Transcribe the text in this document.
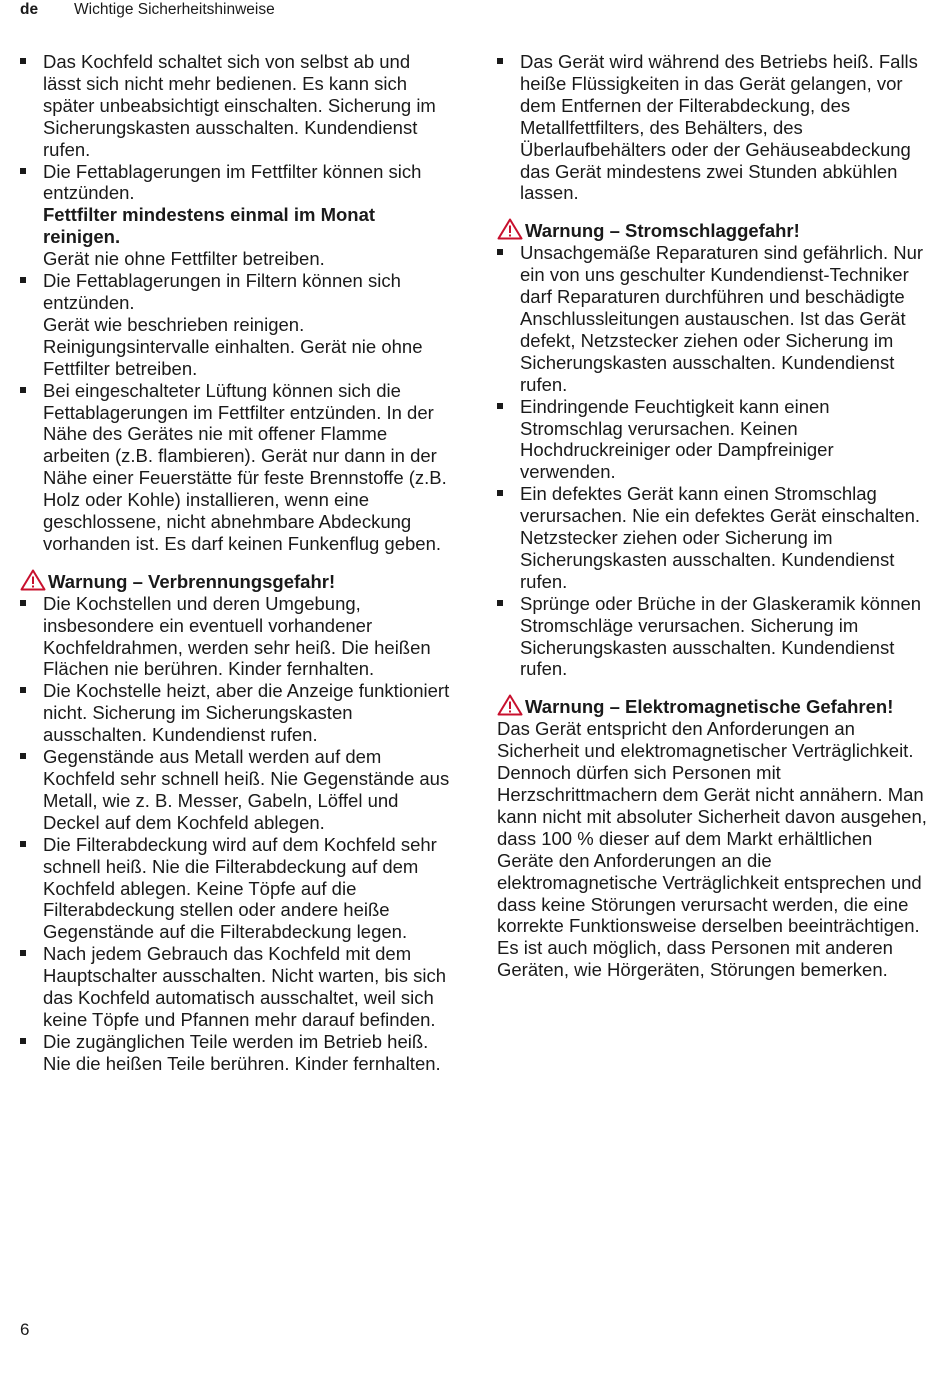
de	Wichtige Sicherheitshinweise
Das Kochfeld schaltet sich von selbst ab und lässt sich nicht mehr bedienen. Es kann sich später unbeabsichtigt einschalten. Sicherung im Sicherungskasten ausschalten. Kundendienst rufen.
Die Fettablagerungen im Fettfilter können sich entzünden.
Fettfilter mindestens einmal im Monat reinigen.
Gerät nie ohne Fettfilter betreiben.
Die Fettablagerungen in Filtern können sich entzünden.
Gerät wie beschrieben reinigen. Reinigungsintervalle einhalten. Gerät nie ohne Fettfilter betreiben.
Bei eingeschalteter Lüftung können sich die Fettablagerungen im Fettfilter entzünden. In der Nähe des Gerätes nie mit offener Flamme arbeiten (z.B. flambieren). Gerät nur dann in der Nähe einer Feuerstätte für feste Brennstoffe (z.B. Holz oder Kohle) installieren, wenn eine geschlossene, nicht abnehmbare Abdeckung vorhanden ist. Es darf keinen Funkenflug geben.
Warnung – Verbrennungsgefahr!
Die Kochstellen und deren Umgebung, insbesondere ein eventuell vorhandener Kochfeldrahmen, werden sehr heiß. Die heißen Flächen nie berühren. Kinder fernhalten.
Die Kochstelle heizt, aber die Anzeige funktioniert nicht. Sicherung im Sicherungskasten ausschalten. Kundendienst rufen.
Gegenstände aus Metall werden auf dem Kochfeld sehr schnell heiß. Nie Gegenstände aus Metall, wie z. B. Messer, Gabeln, Löffel und Deckel auf dem Kochfeld ablegen.
Die Filterabdeckung wird auf dem Kochfeld sehr schnell heiß. Nie die Filterabdeckung auf dem Kochfeld ablegen. Keine Töpfe auf die Filterabdeckung stellen oder andere heiße Gegenstände auf die Filterabdeckung legen.
Nach jedem Gebrauch das Kochfeld mit dem Hauptschalter ausschalten. Nicht warten, bis sich das Kochfeld automatisch ausschaltet, weil sich keine Töpfe und Pfannen mehr darauf befinden.
Die zugänglichen Teile werden im Betrieb heiß. Nie die heißen Teile berühren. Kinder fernhalten.
Das Gerät wird während des Betriebs heiß. Falls heiße Flüssigkeiten in das Gerät gelangen, vor dem Entfernen der Filterabdeckung, des Metallfettfilters, des Behälters, des Überlaufbehälters oder der Gehäuseabdeckung das Gerät mindestens zwei Stunden abkühlen lassen.
Warnung – Stromschlaggefahr!
Unsachgemäße Reparaturen sind gefährlich. Nur ein von uns geschulter Kundendienst-Techniker darf Reparaturen durchführen und beschädigte Anschlussleitungen austauschen. Ist das Gerät defekt, Netzstecker ziehen oder Sicherung im Sicherungskasten ausschalten. Kundendienst rufen.
Eindringende Feuchtigkeit kann einen Stromschlag verursachen. Keinen Hochdruckreiniger oder Dampfreiniger verwenden.
Ein defektes Gerät kann einen Stromschlag verursachen. Nie ein defektes Gerät einschalten. Netzstecker ziehen oder Sicherung im Sicherungskasten ausschalten. Kundendienst rufen.
Sprünge oder Brüche in der Glaskeramik können Stromschläge verursachen. Sicherung im Sicherungskasten ausschalten. Kundendienst rufen.
Warnung – Elektromagnetische Gefahren!
Das Gerät entspricht den Anforderungen an Sicherheit und elektromagnetischer Verträglichkeit. Dennoch dürfen sich Personen mit Herzschrittmachern dem Gerät nicht annähern. Man kann nicht mit absoluter Sicherheit davon ausgehen, dass 100 % dieser auf dem Markt erhältlichen Geräte den Anforderungen an die elektromagnetische Verträglichkeit entsprechen und dass keine Störungen verursacht werden, die eine korrekte Funktionsweise derselben beeinträchtigen. Es ist auch möglich, dass Personen mit anderen Geräten, wie Hörgeräten, Störungen bemerken.
6
